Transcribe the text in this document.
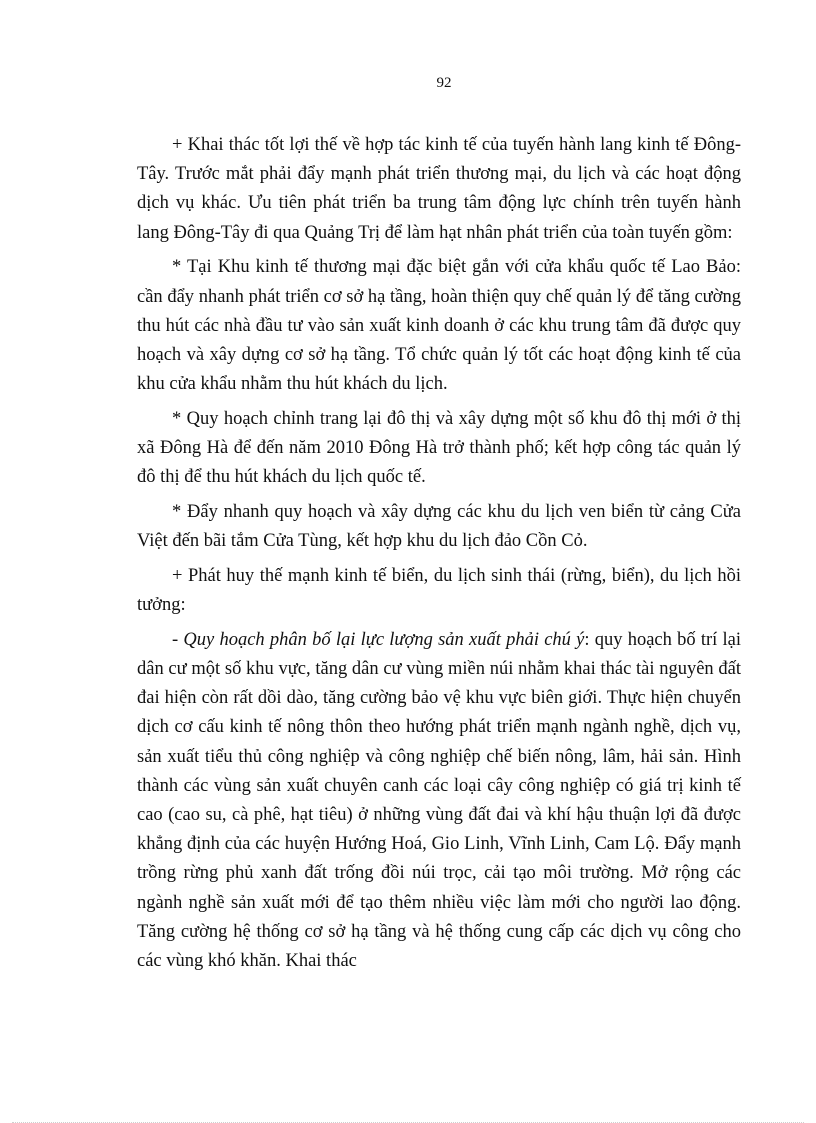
92

+ Khai thác tốt lợi thế về hợp tác kinh tế của tuyến hành lang kinh tế Đông-Tây. Trước mắt phải đẩy mạnh phát triển thương mại, du lịch và các hoạt động dịch vụ khác. Ưu tiên phát triển ba trung tâm động lực chính trên tuyến hành lang Đông-Tây đi qua Quảng Trị để làm hạt nhân phát triển của toàn tuyến gồm:

* Tại Khu kinh tế thương mại đặc biệt gắn với cửa khẩu quốc tế Lao Bảo: cần đẩy nhanh phát triển cơ sở hạ tầng, hoàn thiện quy chế quản lý để tăng cường thu hút các nhà đầu tư vào sản xuất kinh doanh ở các khu trung tâm đã được quy hoạch và xây dựng cơ sở hạ tầng. Tổ chức quản lý tốt các hoạt động kinh tế của khu cửa khẩu nhằm thu hút khách du lịch.

* Quy hoạch chỉnh trang lại đô thị và xây dựng một số khu đô thị mới ở thị xã Đông Hà để đến năm 2010 Đông Hà trở thành phố; kết hợp công tác quản lý đô thị để thu hút khách du lịch quốc tế.

* Đẩy nhanh quy hoạch và xây dựng các khu du lịch ven biển từ cảng Cửa Việt đến bãi tắm Cửa Tùng, kết hợp khu du lịch đảo Cồn Cỏ.

+ Phát huy thế mạnh kinh tế biển, du lịch sinh thái (rừng, biển), du lịch hồi tưởng:

- Quy hoạch phân bố lại lực lượng sản xuất phải chú ý: quy hoạch bố trí lại dân cư một số khu vực, tăng dân cư vùng miền núi nhằm khai thác tài nguyên đất đai hiện còn rất dồi dào, tăng cường bảo vệ khu vực biên giới. Thực hiện chuyển dịch cơ cấu kinh tế nông thôn theo hướng phát triển mạnh ngành nghề, dịch vụ, sản xuất tiểu thủ công nghiệp và công nghiệp chế biến nông, lâm, hải sản. Hình thành các vùng sản xuất chuyên canh các loại cây công nghiệp có giá trị kinh tế cao (cao su, cà phê, hạt tiêu) ở những vùng đất đai và khí hậu thuận lợi đã được khẳng định của các huyện Hướng Hoá, Gio Linh, Vĩnh Linh, Cam Lộ. Đẩy mạnh trồng rừng phủ xanh đất trống đồi núi trọc, cải tạo môi trường. Mở rộng các ngành nghề sản xuất mới để tạo thêm nhiều việc làm mới cho người lao động. Tăng cường hệ thống cơ sở hạ tầng và hệ thống cung cấp các dịch vụ công cho các vùng khó khăn. Khai thác
